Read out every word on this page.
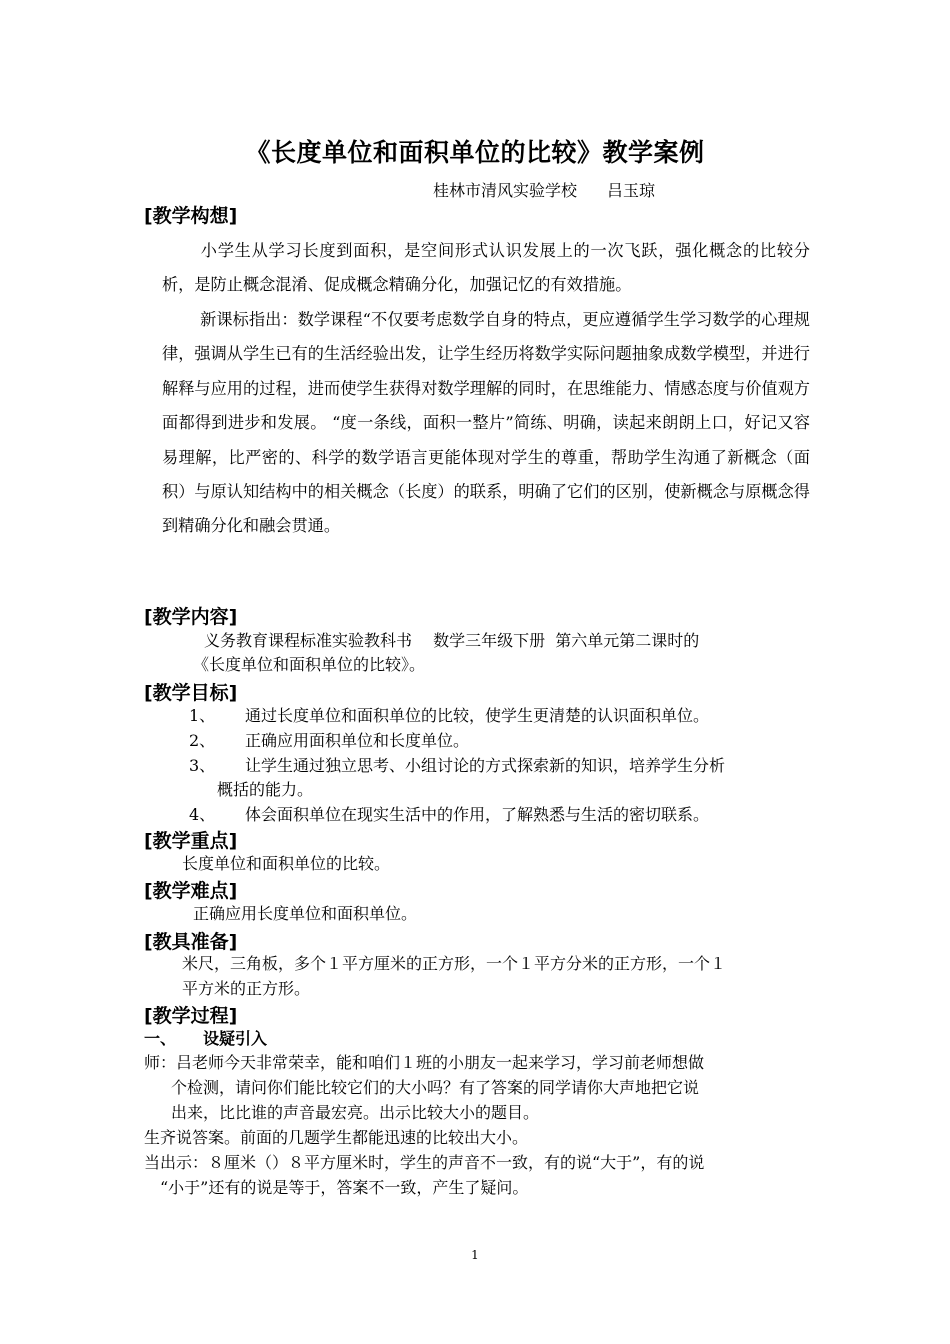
《长度单位和面积单位的比较》教学案例
桂林市清风实验学校 吕玉琼
[教学构想]
小学生从学习长度到面积，是空间形式认识发展上的一次飞跃，强化概念的比较分析，是防止概念混淆、促成概念精确分化，加强记忆的有效措施。
新课标指出：数学课程“不仅要考虑数学自身的特点，更应遵循学生学习数学的心理规律，强调从学生已有的生活经验出发，让学生经历将数学实际问题抽象成数学模型，并进行解释与应用的过程，进而使学生获得对数学理解的同时，在思维能力、情感态度与价值观方面都得到进步和发展。 “度一条线，面积一整片”简练、明确，读起来朗朗上口，好记又容易理解，比严密的、科学的数学语言更能体现对学生的尊重，帮助学生沟通了新概念（面积）与原认知结构中的相关概念（长度）的联系，明确了它们的区别，使新概念与原概念得到精确分化和融会贯通。
[教学内容]
义务教育课程标准实验教科书　 数学三年级下册  第六单元第二课时的
《长度单位和面积单位的比较》。
[教学目标]
1、 通过长度单位和面积单位的比较，使学生更清楚的认识面积单位。
2、 正确应用面积单位和长度单位。
3、 让学生通过独立思考、小组讨论的方式探索新的知识，培养学生分析
概括的能力。
4、 体会面积单位在现实生活中的作用，了解熟悉与生活的密切联系。
[教学重点]
长度单位和面积单位的比较。
[教学难点]
正确应用长度单位和面积单位。
[教具准备]
米尺，三角板，多个１平方厘米的正方形，一个１平方分米的正方形，一个１
平方米的正方形。
[教学过程]
一、 设疑引入
师：吕老师今天非常荣幸，能和咱们１班的小朋友一起来学习，学习前老师想做
个检测，请问你们能比较它们的大小吗？有了答案的同学请你大声地把它说
出来，比比谁的声音最宏亮。出示比较大小的题目。
生齐说答案。前面的几题学生都能迅速的比较出大小。
当出示：８厘米（）８平方厘米时，学生的声音不一致，有的说“大于”，有的说
“小于”还有的说是等于，答案不一致，产生了疑问。
1
